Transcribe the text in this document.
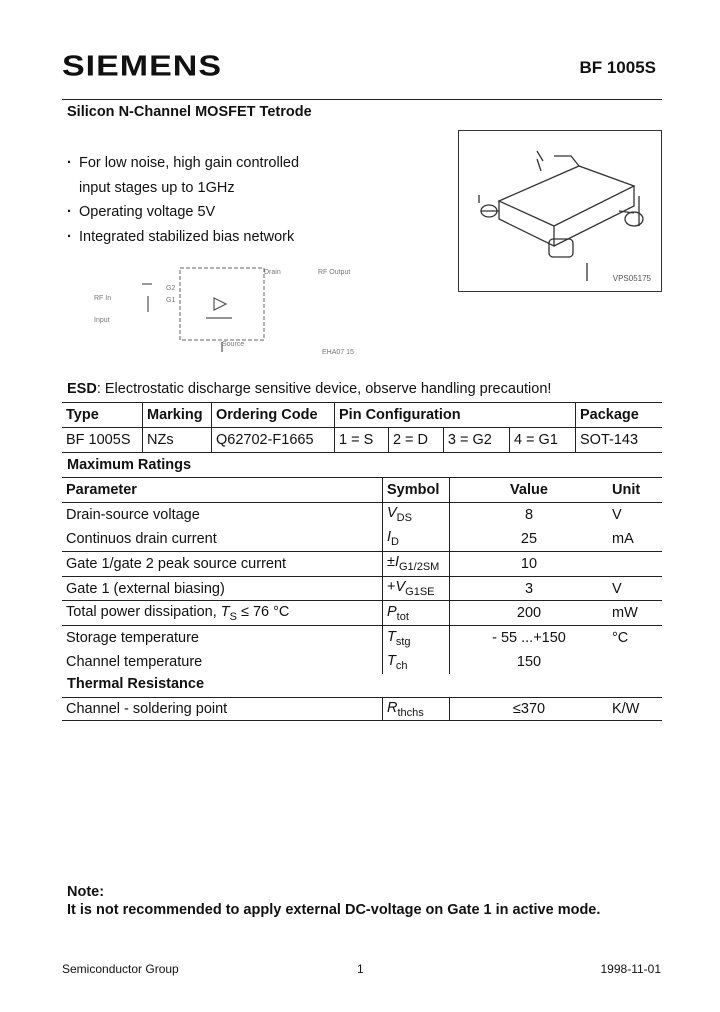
SIEMENS	BF 1005S
Silicon N-Channel MOSFET Tetrode
· For low noise, high gain controlled
input stages up to 1GHz
· Operating voltage 5V
· Integrated stabilized bias network
VPS05175
G2
G1
Drain	RF Output
RF In
Input
Source
EHA07 15
ESD: Electrostatic discharge sensitive device, observe handling precaution!
Type	Marking	Ordering Code	Pin Configuration				Package
BF 1005S	NZs	Q62702-F1665	1 = S	2 = D	3 = G2	4 = G1	SOT-143
Maximum Ratings
Parameter	Symbol	Value	Unit
Drain-source voltage	$V_{DS}$	8	V
Continuos drain current	$I_D$	25	mA
Gate 1/gate 2 peak source current	$\pm I_{G1/2SM}$	10	
Gate 1 (external biasing)	$+V_{G1SE}$	3	V
Total power dissipation, $T_S \le 76$ °C	$P_{tot}$	200	mW
Storage temperature	$T_{stg}$	- 55 ...+150	°C
Channel temperature	$T_{ch}$	150	
Thermal Resistance
Channel - soldering point	$R_{thchs}$	≤370	K/W
Note:
It is not recommended to apply external DC-voltage on Gate 1 in active mode.
Semiconductor Group	1	1998-11-01
